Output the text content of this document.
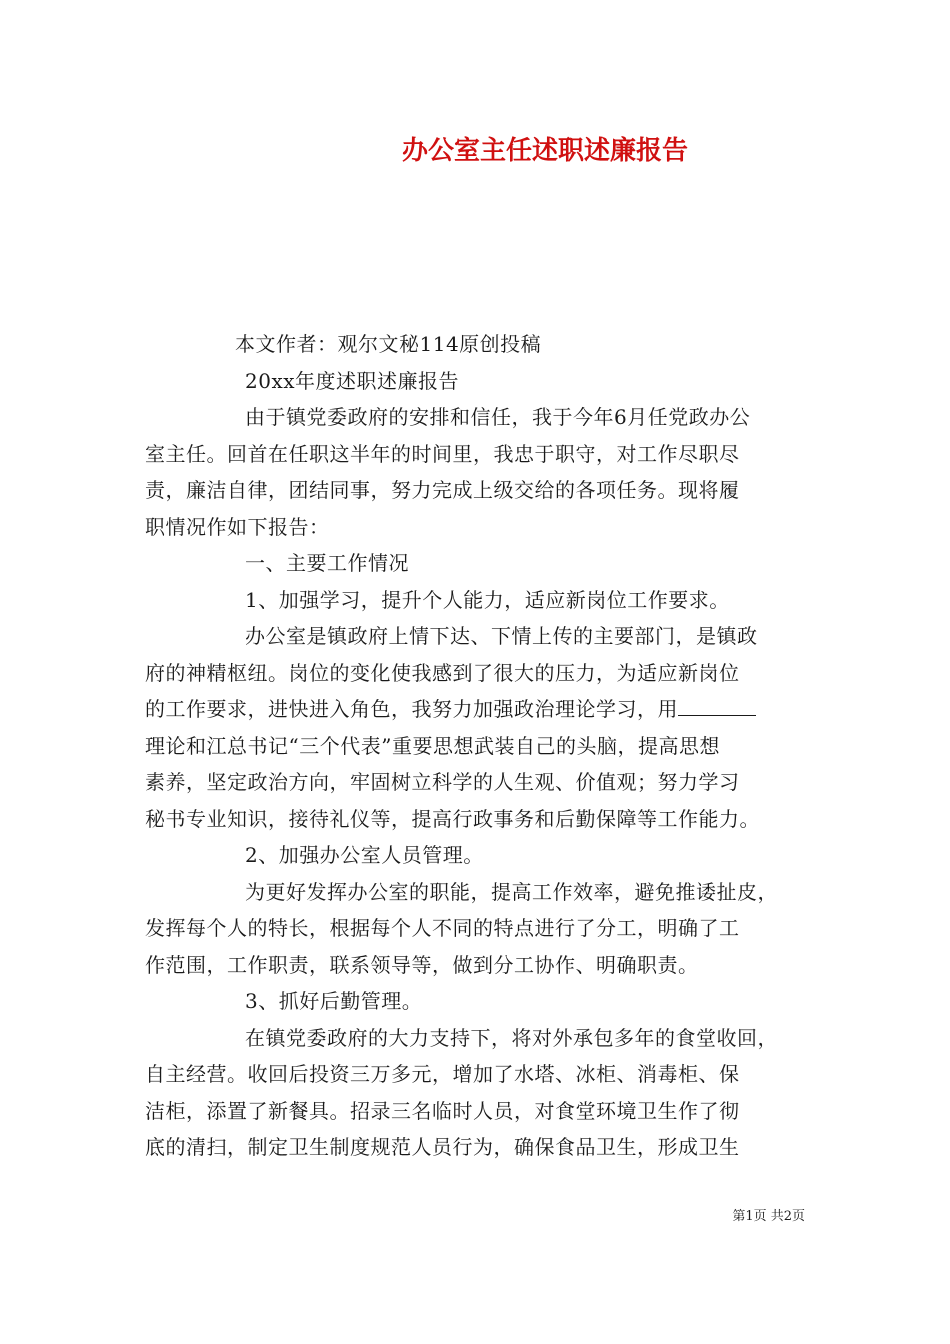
办公室主任述职述廉报告
本文作者：观尔文秘114原创投稿
20xx年度述职述廉报告
由于镇党委政府的安排和信任，我于今年6月任党政办公
室主任。回首在任职这半年的时间里，我忠于职守，对工作尽职尽
责，廉洁自律，团结同事，努力完成上级交给的各项任务。现将履
职情况作如下报告：
一、主要工作情况
1、加强学习，提升个人能力，适应新岗位工作要求。
办公室是镇政府上情下达、下情上传的主要部门，是镇政
府的神精枢纽。岗位的变化使我感到了很大的压力，为适应新岗位
的工作要求，进快进入角色，我努力加强政治理论学习，用
理论和江总书记“三个代表”重要思想武装自己的头脑，提高思想
素养，坚定政治方向，牢固树立科学的人生观、价值观；努力学习
秘书专业知识，接待礼仪等，提高行政事务和后勤保障等工作能力。
2、加强办公室人员管理。
为更好发挥办公室的职能，提高工作效率，避免推诿扯皮，
发挥每个人的特长，根据每个人不同的特点进行了分工，明确了工
作范围，工作职责，联系领导等，做到分工协作、明确职责。
3、抓好后勤管理。
在镇党委政府的大力支持下，将对外承包多年的食堂收回，
自主经营。收回后投资三万多元，增加了水塔、冰柜、消毒柜、保
洁柜，添置了新餐具。招录三名临时人员，对食堂环境卫生作了彻
底的清扫，制定卫生制度规范人员行为，确保食品卫生，形成卫生
第1页 共2页
